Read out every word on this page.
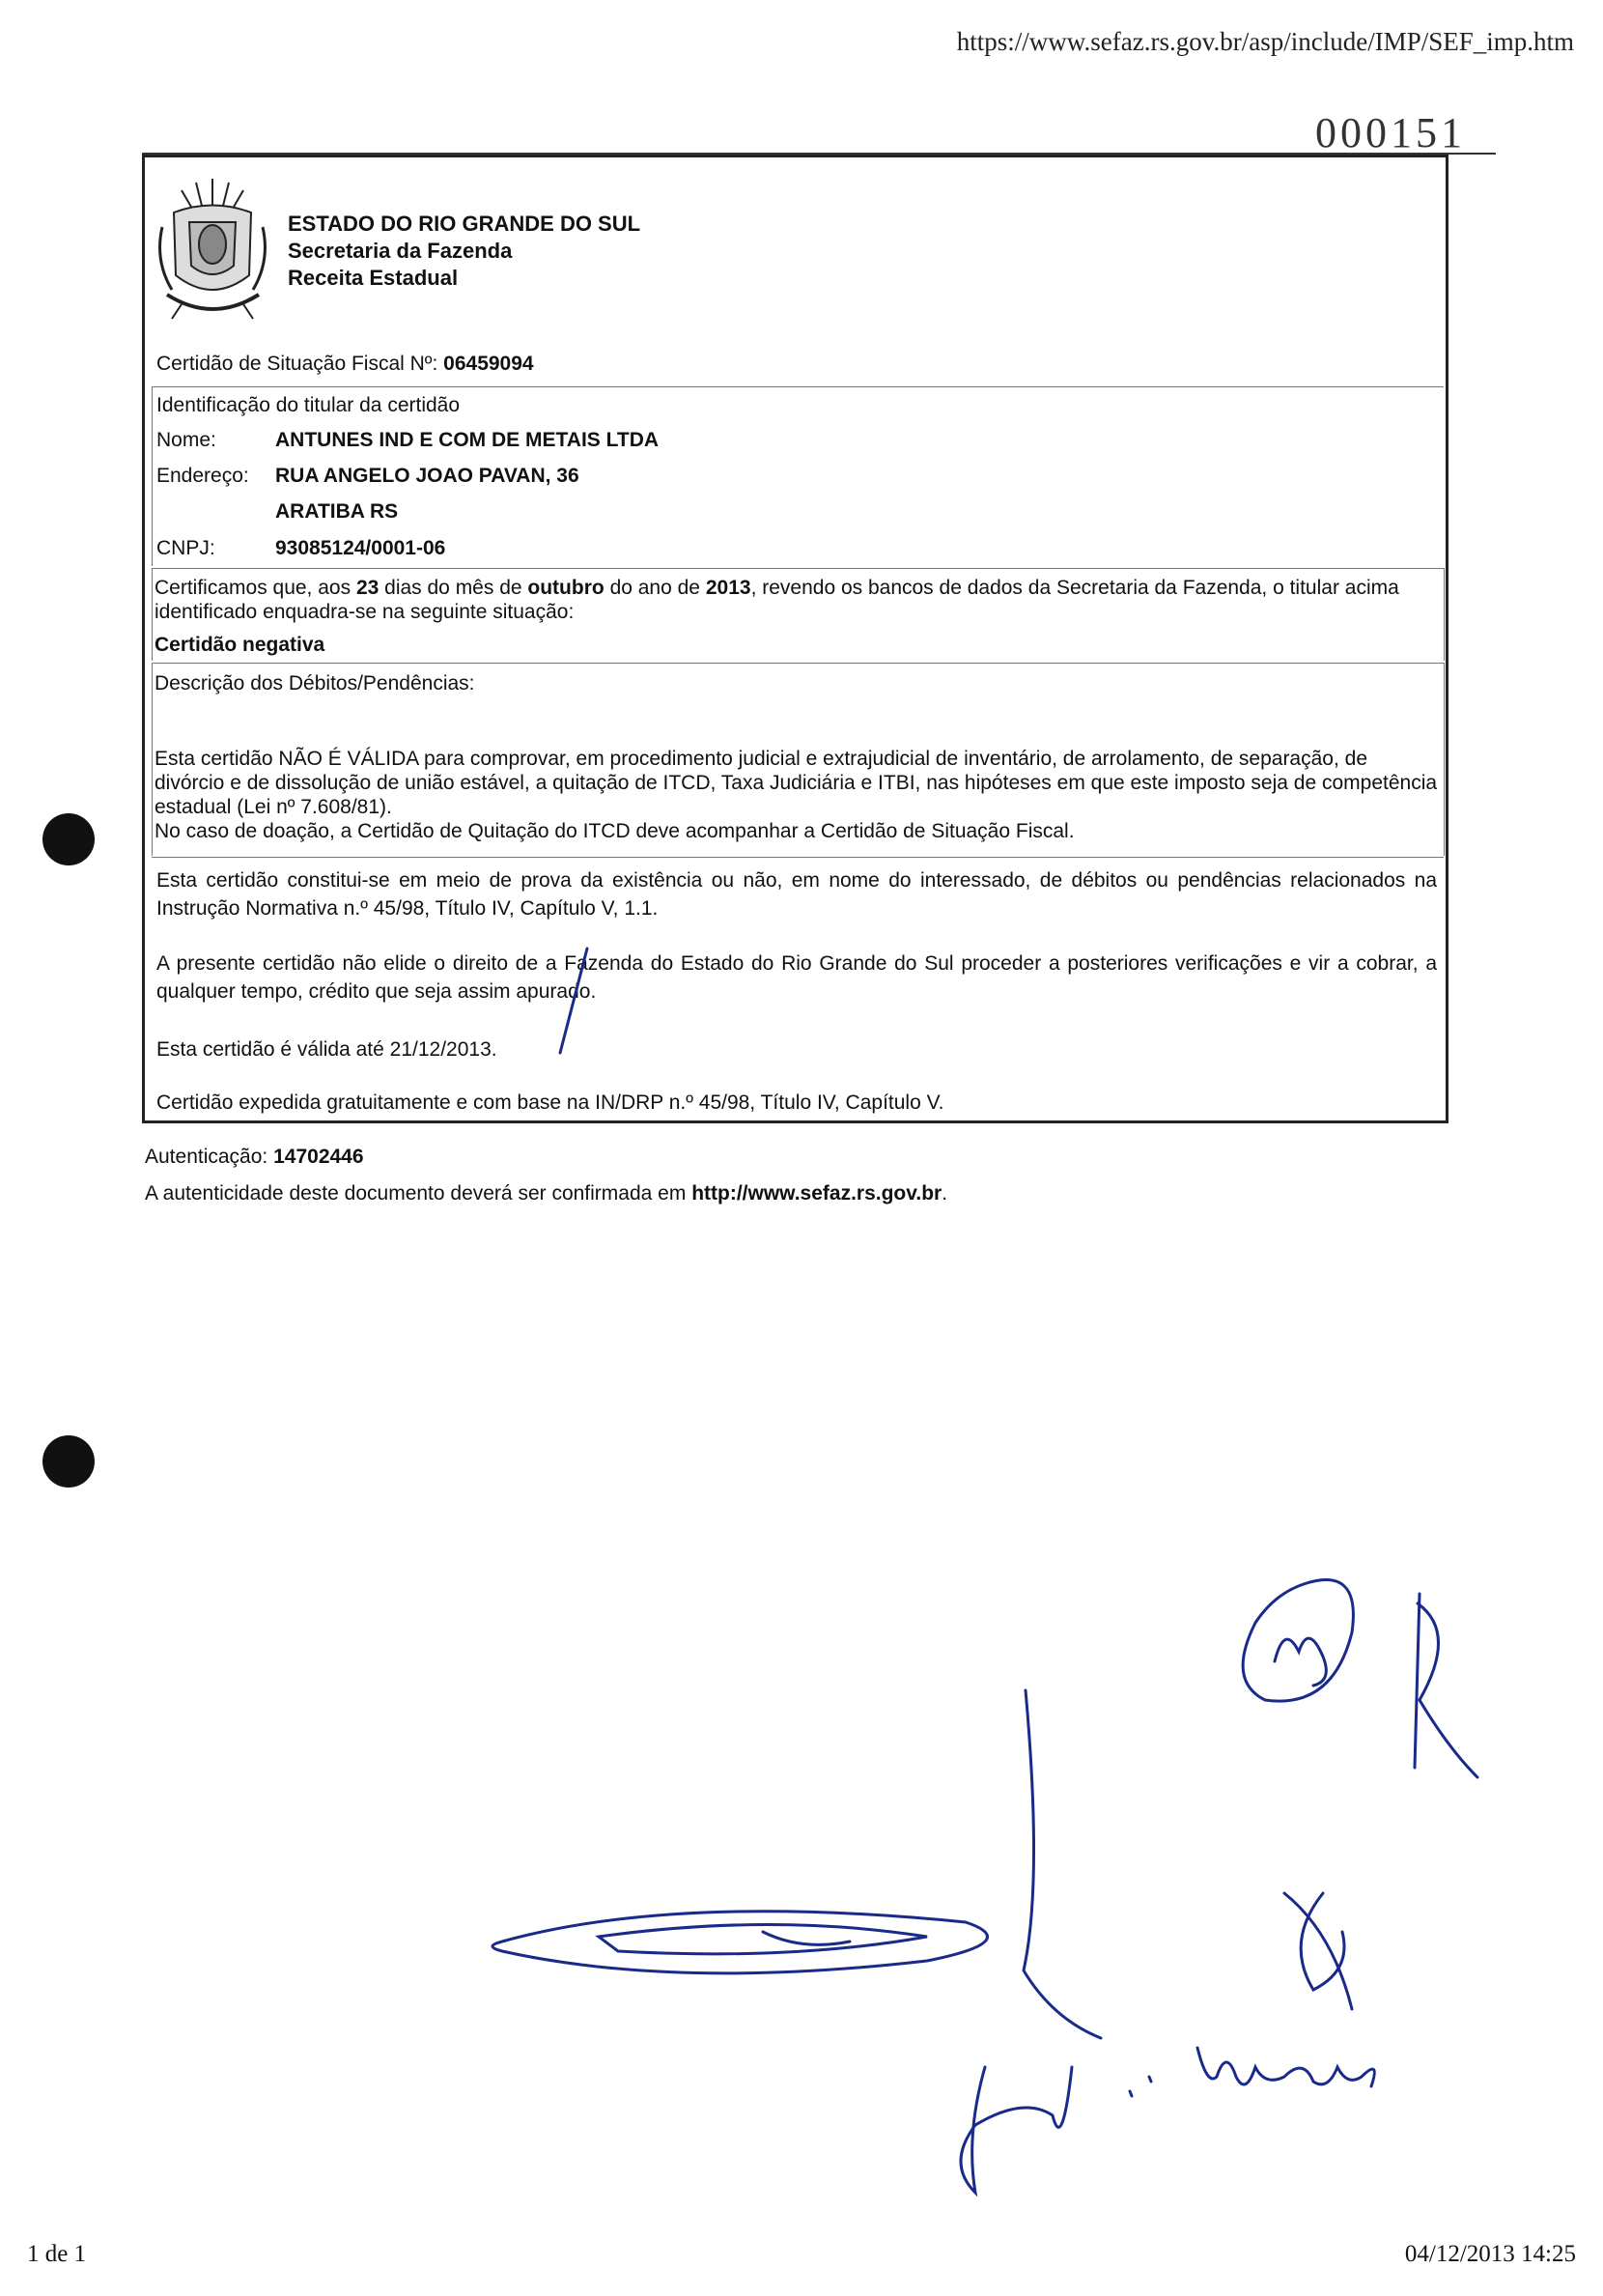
https://www.sefaz.rs.gov.br/asp/include/IMP/SEF_imp.htm
000151
ESTADO DO RIO GRANDE DO SUL
Secretaria da Fazenda
Receita Estadual
Certidão de Situação Fiscal Nº: 06459094
Identificação do titular da certidão
Nome:	ANTUNES IND E COM DE METAIS LTDA
Endereço: RUA ANGELO JOAO PAVAN, 36
ARATIBA RS
CNPJ:	93085124/0001-06
Certificamos que, aos 23 dias do mês de outubro do ano de 2013, revendo os bancos de dados da Secretaria da Fazenda, o titular acima identificado enquadra-se na seguinte situação:
Certidão negativa
Descrição dos Débitos/Pendências:

Esta certidão NÃO É VÁLIDA para comprovar, em procedimento judicial e extrajudicial de inventário, de arrolamento, de separação, de divórcio e de dissolução de união estável, a quitação de ITCD, Taxa Judiciária e ITBI, nas hipóteses em que este imposto seja de competência estadual (Lei nº 7.608/81).

No caso de doação, a Certidão de Quitação do ITCD deve acompanhar a Certidão de Situação Fiscal.

Esta certidão constitui-se em meio de prova da existência ou não, em nome do interessado, de débitos ou pendências relacionados na Instrução Normativa n.º 45/98, Título IV, Capítulo V, 1.1.
A presente certidão não elide o direito de a Fazenda do Estado do Rio Grande do Sul proceder a posteriores verificações e vir a cobrar, a qualquer tempo, crédito que seja assim apurado.
Esta certidão é válida até 21/12/2013.
Certidão expedida gratuitamente e com base na IN/DRP n.º 45/98, Título IV, Capítulo V.
Autenticação: 14702446
A autenticidade deste documento deverá ser confirmada em http://www.sefaz.rs.gov.br.
1 de 1	04/12/2013 14:25
